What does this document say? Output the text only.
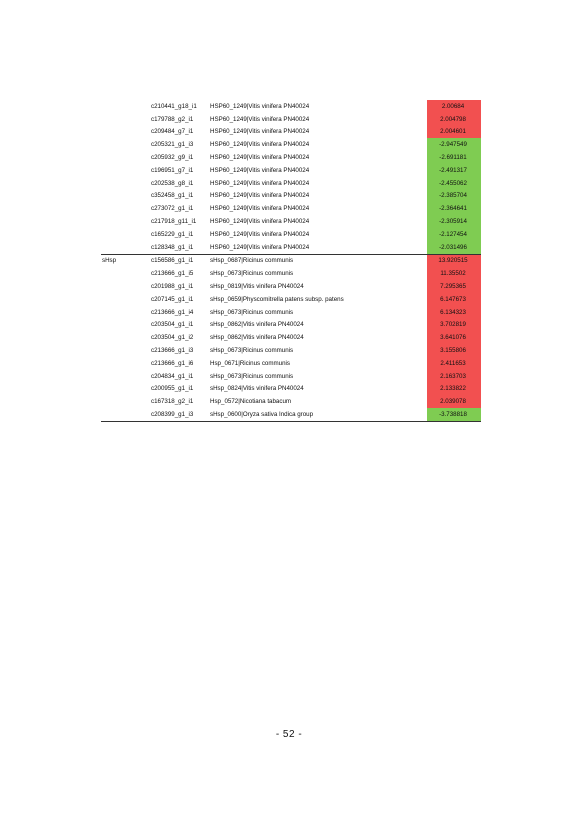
	c210441_g18_i1	HSP60_1249|Vitis vinifera PN40024	2.00684
	c179788_g2_i1	HSP60_1249|Vitis vinifera PN40024	2.004798
	c209484_g7_i1	HSP60_1249|Vitis vinifera PN40024	2.004601
	c205321_g1_i3	HSP60_1249|Vitis vinifera PN40024	-2.947549
	c205932_g9_i1	HSP60_1249|Vitis vinifera PN40024	-2.691181
	c196951_g7_i1	HSP60_1249|Vitis vinifera PN40024	-2.491317
	c202538_g8_i1	HSP60_1249|Vitis vinifera PN40024	-2.455062
	c352458_g1_i1	HSP60_1249|Vitis vinifera PN40024	-2.385704
	c273072_g1_i1	HSP60_1249|Vitis vinifera PN40024	-2.364641
	c217918_g11_i1	HSP60_1249|Vitis vinifera PN40024	-2.305914
	c165229_g1_i1	HSP60_1249|Vitis vinifera PN40024	-2.127454
	c128348_g1_i1	HSP60_1249|Vitis vinifera PN40024	-2.031496
sHsp	c156586_g1_i1	sHsp_0687|Ricinus communis	13.920515
	c213666_g1_i5	sHsp_0673|Ricinus communis	11.35502
	c201988_g1_i1	sHsp_0819|Vitis vinifera PN40024	7.295365
	c207145_g1_i1	sHsp_0659|Physcomitrella patens subsp. patens	6.147673
	c213666_g1_i4	sHsp_0673|Ricinus communis	6.134323
	c203504_g1_i1	sHsp_0862|Vitis vinifera PN40024	3.702819
	c203504_g1_i2	sHsp_0862|Vitis vinifera PN40024	3.641076
	c213666_g1_i3	sHsp_0673|Ricinus communis	3.155806
	c213666_g1_i6	Hsp_0671|Ricinus communis	2.411653
	c204834_g1_i1	sHsp_0673|Ricinus communis	2.163703
	c200955_g1_i1	sHsp_0824|Vitis vinifera PN40024	2.133822
	c167318_g2_i1	Hsp_0572|Nicotiana tabacum	2.039078
	c208399_g1_i3	sHsp_0600|Oryza sativa Indica group	-3.738818
- 52 -
